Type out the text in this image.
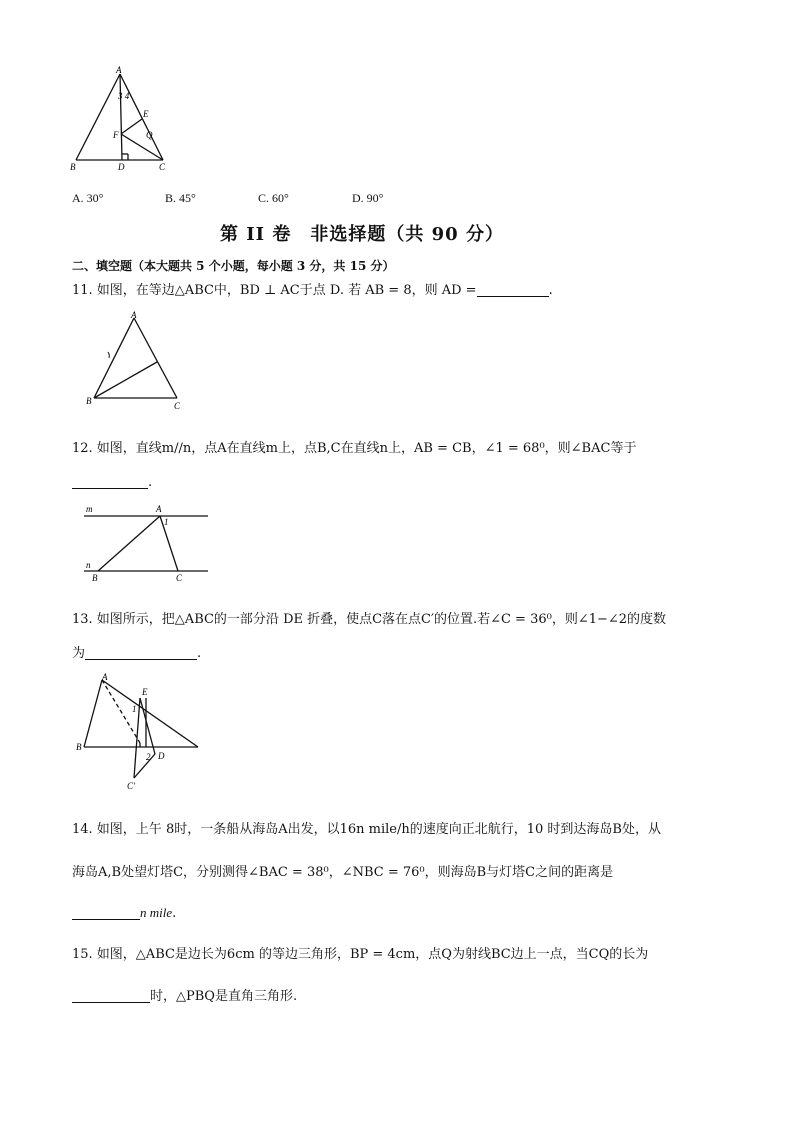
A
3 4
E
Q
F
B	D	C
A. 30°	B. 45°	C. 60°	D. 90°
第 II 卷　非选择题（共 90 分）
二、填空题（本大题共 5 个小题，每小题 3 分，共 15 分）
11. 如图，在等边△ABC中，BD ⊥ AC于点 D. 若 AB = 8，则 AD =	.
A
B	C
12. 如图，直线m//n，点A在直线m上，点B,C在直线n上，AB = CB，∠1 = 68⁰，则∠BAC等于
.
m
n
A
1
B	C
13. 如图所示，把△ABC的一部分沿 DE 折叠，使点C落在点C′的位置.若∠C = 36⁰，则∠1−∠2的度数
为	.
A
B
E
1
2 D
C′
14. 如图，上午 8时，一条船从海岛A出发，以16n mile/h的速度向正北航行，10 时到达海岛B处，从
海岛A,B处望灯塔C，分别测得∠BAC = 38⁰，∠NBC = 76⁰，则海岛B与灯塔C之间的距离是
n mile.
15. 如图，△ABC是边长为6cm 的等边三角形，BP = 4cm，点Q为射线BC边上一点，当CQ的长为
时，△PBQ是直角三角形.
